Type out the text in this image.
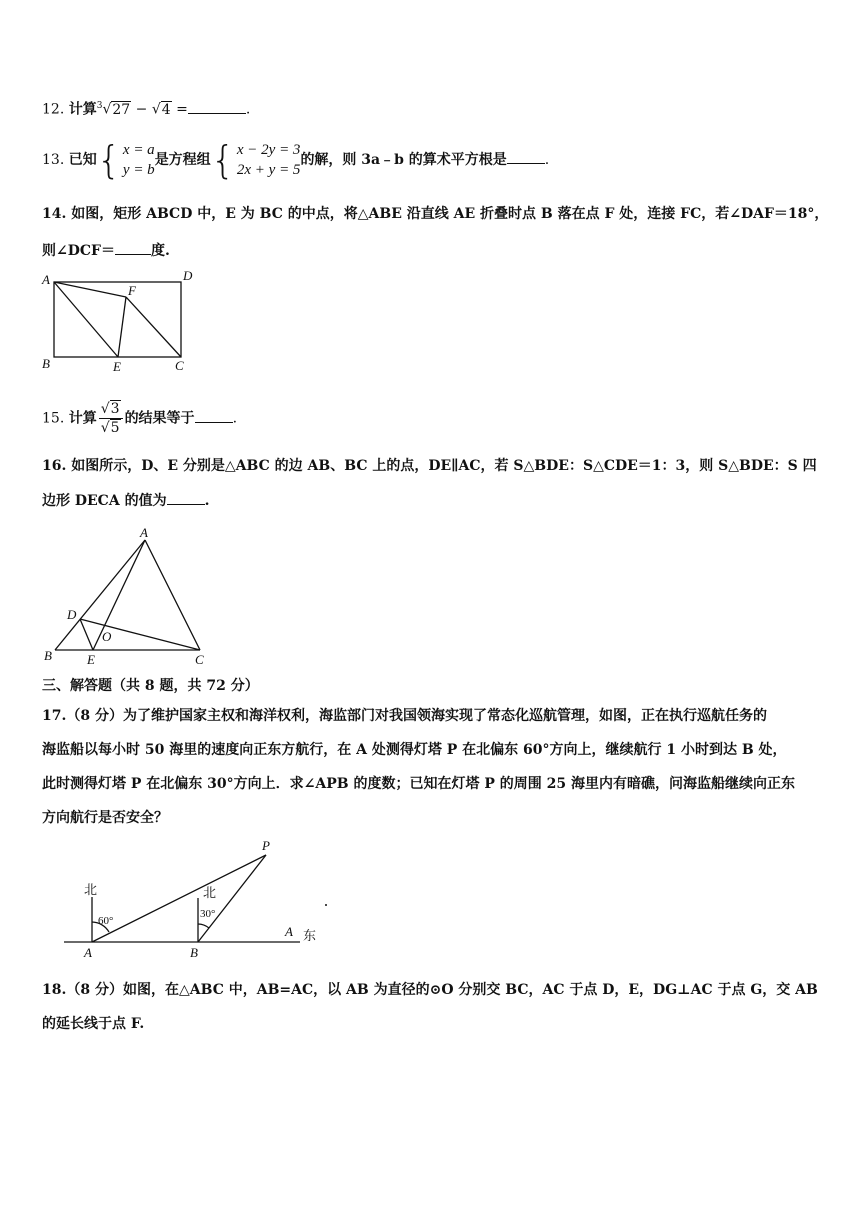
12. 计算$^3$√27 − √4 =	.
13. 已知 { x = a
y = b
是方程组 { x − 2y = 3
2x + y = 5
的解，则 3a﹣b 的算术平方根是	.
14. 如图，矩形 ABCD 中，E 为 BC 的中点，将△ABE 沿直线 AE 折叠时点 B 落在点 F 处，连接 FC，若∠DAF＝18°，
则∠DCF＝	度.
A	D
F
B	E	C
15. 计算 $\frac{√3}{√5}$ 的结果等于	.
16. 如图所示，D、E 分别是△ABC 的边 AB、BC 上的点，DE∥AC，若 S△BDE：S△CDE＝1：3，则 S△BDE：S 四
边形 DECA 的值为	.
A
D
O
B	E	C
三、解答题（共 8 题，共 72 分）
17.（8 分）为了维护国家主权和海洋权利，海监部门对我国领海实现了常态化巡航管理，如图，正在执行巡航任务的
海监船以每小时 50 海里的速度向正东方航行，在 A 处测得灯塔 P 在北偏东 60°方向上，继续航行 1 小时到达 B 处，
此时测得灯塔 P 在北偏东 30°方向上．求∠APB 的度数；已知在灯塔 P 的周围 25 海里内有暗礁，问海监船继续向正东
方向航行是否安全？
北	北
60°
30°
P
A	B
A 东
18.（8 分）如图，在△ABC 中，AB=AC，以 AB 为直径的⊙O 分别交 BC，AC 于点 D，E，DG⊥AC 于点 G，交 AB
的延长线于点 F.
